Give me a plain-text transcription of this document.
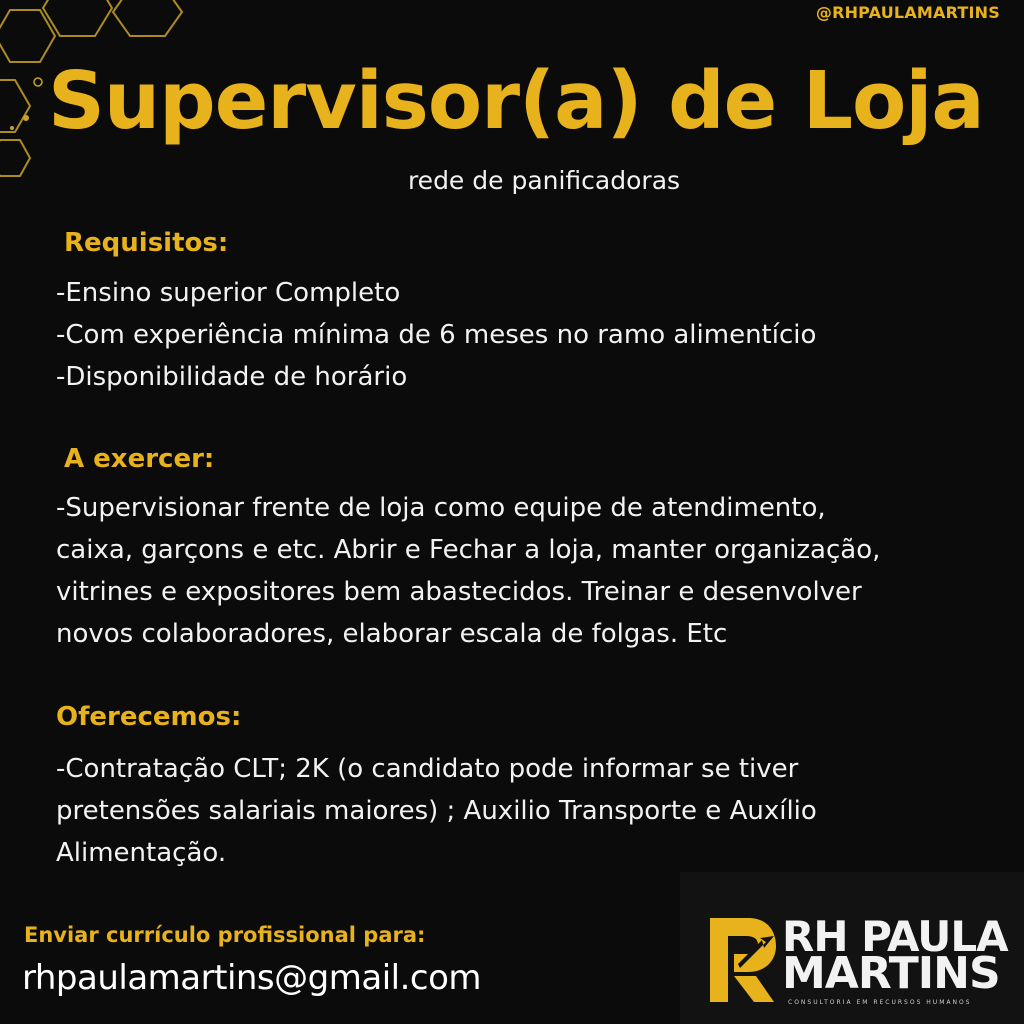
@RHPAULAMARTINS
Supervisor(a) de Loja
rede de panificadoras
Requisitos:
-Ensino superior Completo
-Com experiência mínima de 6 meses no ramo alimentício
-Disponibilidade de horário
A exercer:
-Supervisionar frente de loja como equipe de atendimento,
caixa, garçons e etc. Abrir e Fechar a loja, manter organização,
vitrines e expositores bem abastecidos. Treinar e desenvolver
novos colaboradores, elaborar escala de folgas. Etc
Oferecemos:
-Contratação CLT; 2K (o candidato pode informar se tiver
pretensões salariais maiores) ; Auxilio Transporte e Auxílio
Alimentação.
Enviar currículo profissional para:
rhpaulamartins@gmail.com
RH PAULA
MARTINS
CONSULTORIA EM RECURSOS HUMANOS
